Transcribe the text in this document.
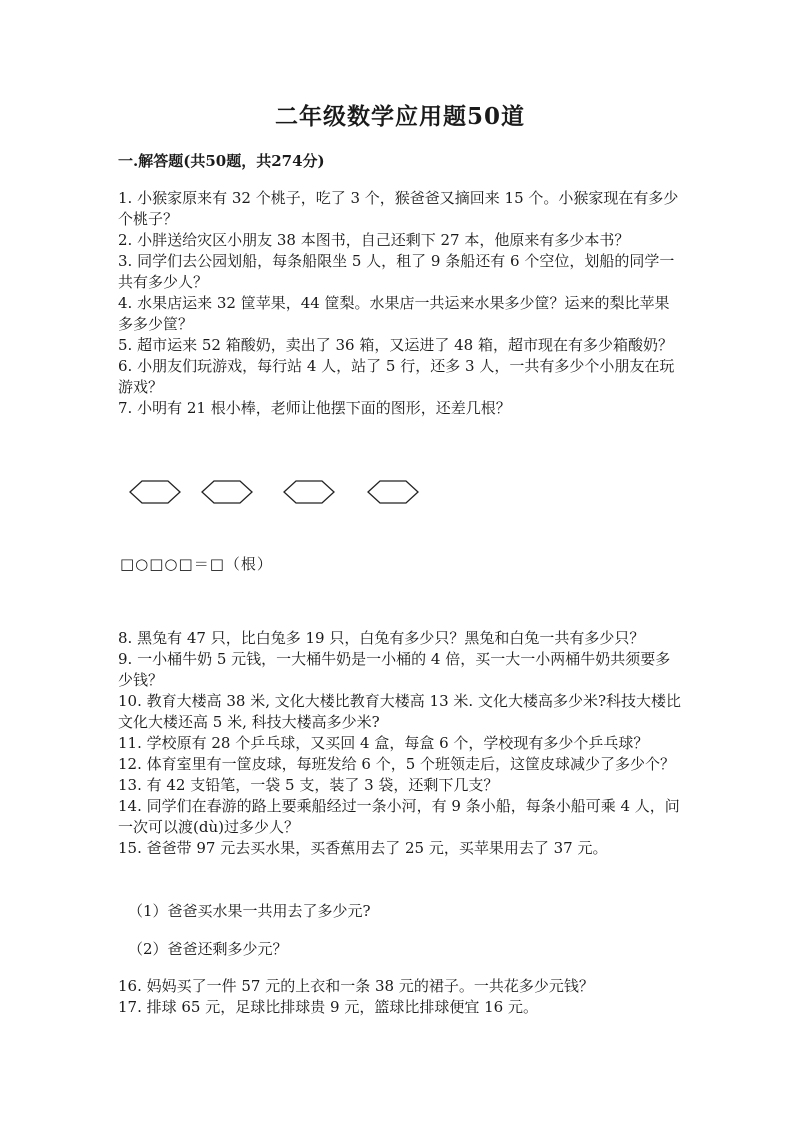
二年级数学应用题50道
一.解答题(共50题，共274分)

1. 小猴家原来有 32 个桃子，吃了 3 个，猴爸爸又摘回来 15 个。小猴家现在有多少个桃子？

2. 小胖送给灾区小朋友 38 本图书，自己还剩下 27 本，他原来有多少本书？

3. 同学们去公园划船，每条船限坐 5 人，租了 9 条船还有 6 个空位，划船的同学一共有多少人？

4. 水果店运来 32 筐苹果，44 筐梨。水果店一共运来水果多少筐？运来的梨比苹果多多少筐？

5. 超市运来 52 箱酸奶，卖出了 36 箱，又运进了 48 箱，超市现在有多少箱酸奶？

6. 小朋友们玩游戏，每行站 4 人，站了 5 行，还多 3 人，一共有多少个小朋友在玩游戏？

7. 小明有 21 根小棒，老师让他摆下面的图形，还差几根？

□○□○□＝□（根）

8. 黑兔有 47 只，比白兔多 19 只，白兔有多少只？黑兔和白兔一共有多少只？

9. 一小桶牛奶 5 元钱，一大桶牛奶是一小桶的 4 倍，买一大一小两桶牛奶共须要多少钱？

10. 教育大楼高 38 米, 文化大楼比教育大楼高 13 米. 文化大楼高多少米?科技大楼比文化大楼还高 5 米, 科技大楼高多少米?

11. 学校原有 28 个乒乓球，又买回 4 盒，每盒 6 个，学校现有多少个乒乓球？

12. 体育室里有一筐皮球，每班发给 6 个，5 个班领走后，这筐皮球减少了多少个？

13. 有 42 支铅笔，一袋 5 支，装了 3 袋，还剩下几支？

14. 同学们在春游的路上要乘船经过一条小河，有 9 条小船，每条小船可乘 4 人，问一次可以渡(dù)过多少人？

15. 爸爸带 97 元去买水果，买香蕉用去了 25 元，买苹果用去了 37 元。

（1）爸爸买水果一共用去了多少元?
（2）爸爸还剩多少元？

16. 妈妈买了一件 57 元的上衣和一条 38 元的裙子。一共花多少元钱？

17. 排球 65 元，足球比排球贵 9 元，篮球比排球便宜 16 元。
